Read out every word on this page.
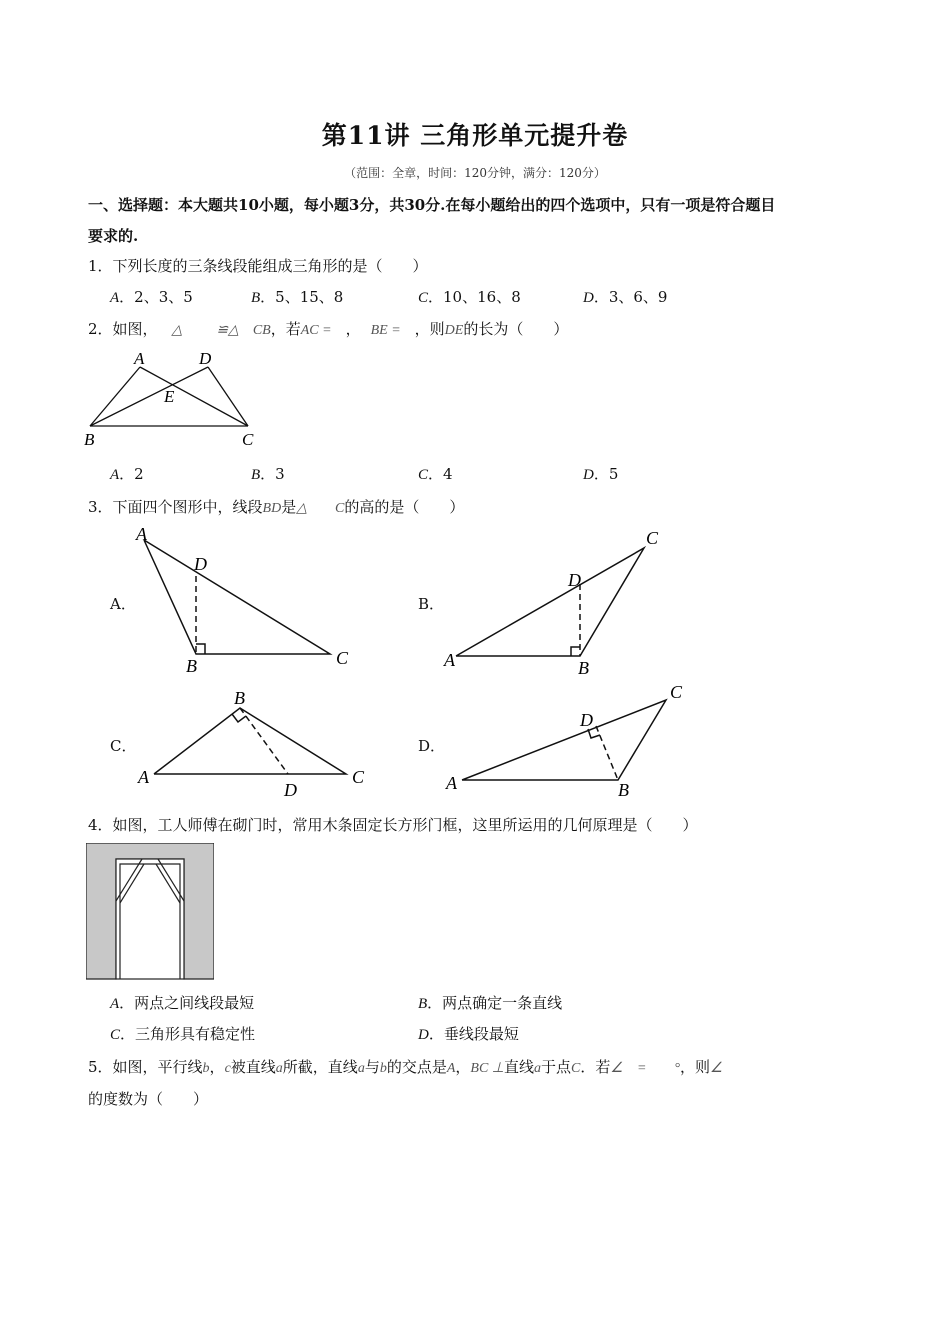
第11讲 三角形单元提升卷
（范围：全章，时间：120分钟，满分：120分）
一、选择题：本大题共10小题，每小题3分，共30分.在每小题给出的四个选项中，只有一项是符合题目
要求的.
1．下列长度的三条线段能组成三角形的是（　　）
A．2、3、5	B．5、15、8	C．10、16、8	D．3、6、9
2．如图， △ ≌△ CB，若AC = ， BE = ，则DE的长为（　　）
A	D
E
B	C
A．2	B．3	C．4	D．5
3．下面四个图形中，线段BD是△ C的高的是（　　）
A．
A
D
B	C
B．
C
D
A	B
C．
B
A
D
C
D．
C
D
A	B
4．如图，工人师傅在砌门时，常用木条固定长方形门框，这里所运用的几何原理是（　　）
A．两点之间线段最短	B．两点确定一条直线
C．三角形具有稳定性	D．垂线段最短
5．如图，平行线b，c被直线a所截，直线a与b的交点是A，BC ⊥直线a于点C．若∠　=　　°，则∠
的度数为（　　）
